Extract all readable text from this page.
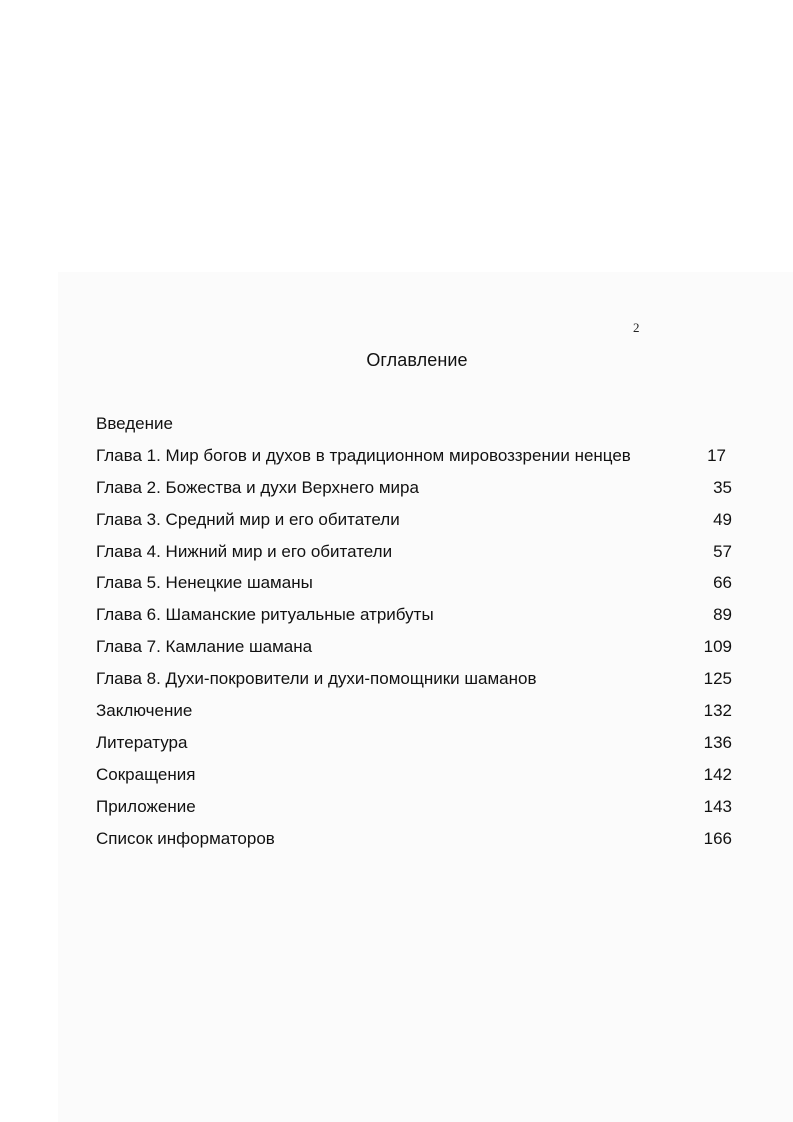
2
Оглавление
Введение
Глава 1. Мир богов и духов в традиционном мировоззрении ненцев	17
Глава 2. Божества и духи Верхнего мира	35
Глава 3. Средний мир и его обитатели	49
Глава 4. Нижний мир и его обитатели	57
Глава 5. Ненецкие шаманы	66
Глава 6. Шаманские ритуальные атрибуты	89
Глава 7. Камлание шамана	109
Глава 8. Духи-покровители и духи-помощники шаманов	125
Заключение	132
Литература	136
Сокращения	142
Приложение	143
Список информаторов	166
